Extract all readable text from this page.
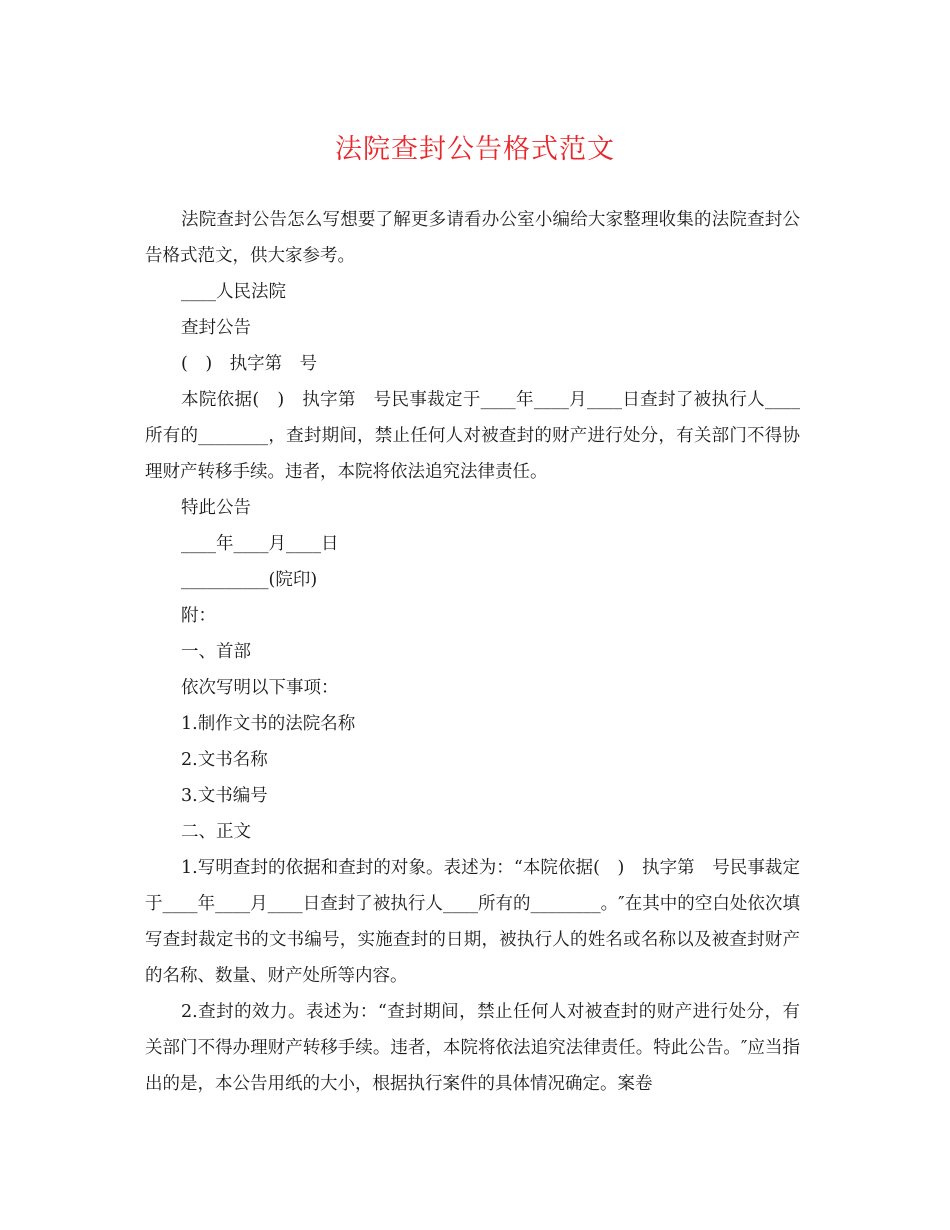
法院查封公告格式范文

法院查封公告怎么写想要了解更多请看办公室小编给大家整理收集的法院查封公告格式范文，供大家参考。

____人民法院

查封公告

(　)　执字第　号

本院依据(　)　执字第　号民事裁定于____年____月____日查封了被执行人____所有的________，查封期间，禁止任何人对被查封的财产进行处分，有关部门不得协理财产转移手续。违者，本院将依法追究法律责任。

特此公告

____年____月____日

__________(院印)

附：

一、首部

依次写明以下事项：

1.制作文书的法院名称

2.文书名称

3.文书编号

二、正文

1.写明查封的依据和查封的对象。表述为：“本院依据(　)　执字第　号民事裁定于____年____月____日查封了被执行人____所有的________。″在其中的空白处依次填写查封裁定书的文书编号，实施查封的日期，被执行人的姓名或名称以及被查封财产的名称、数量、财产处所等内容。

2.查封的效力。表述为：“查封期间，禁止任何人对被查封的财产进行处分，有关部门不得办理财产转移手续。违者，本院将依法追究法律责任。特此公告。″应当指出的是，本公告用纸的大小，根据执行案件的具体情况确定。案卷
